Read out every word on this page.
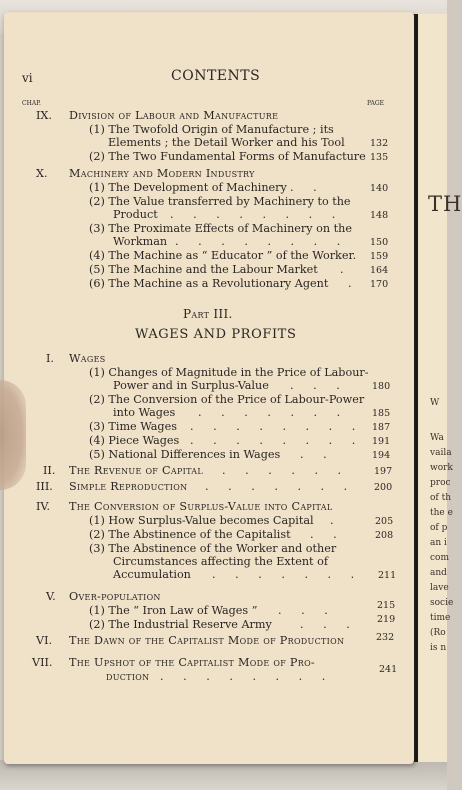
TH
W
Wa
vaila
work
proc
of th
the e
of p
an i
com
and
lave
socie
time
(Ro
is n
vi	CONTENTS
CHAP.	PAGE
IX. Division of Labour and Manufacture
(1) The Twofold Origin of Manufacture ; its
Elements ; the Detail Worker and his Tool	132
(2) The Two Fundamental Forms of Manufacture 135
X. Machinery and Modern Industry
(1) The Development of Machinery . .	140
(2) The Value transferred by Machinery to the
Product . . . . . . . .	148
(3) The Proximate Effects of Machinery on the
Workman . . . . . . . . 150
(4) The Machine as “ Educator ” of the Worker. 159
(5) The Machine and the Labour Market . 164
(6) The Machine as a Revolutionary Agent . 170
Part III.
WAGES AND PROFITS
I. Wages
(1) Changes of Magnitude in the Price of Labour-
Power and in Surplus-Value . . .	180
(2) The Conversion of the Price of Labour-Power
into Wages . . . . . . .	185
(3) Time Wages . . . . . . . . 187
(4) Piece Wages . . . . . . . . 191
(5) National Differences in Wages . .	194
II. The Revenue of Capital . . . . . .	197
III. Simple Reproduction . . . . . . . 200
IV. The Conversion of Surplus-Value into Capital
(1) How Surplus-Value becomes Capital .	205
(2) The Abstinence of the Capitalist . .	208
(3) The Abstinence of the Worker and other
Circumstances affecting the Extent of
Accumulation . . . . . . . 211
V. Over-population
(1) The “ Iron Law of Wages ” . . .	215
(2) The Industrial Reserve Army	. . . 219
VI. The Dawn of the Capitalist Mode of Production	232
VII. The Upshot of the Capitalist Mode of Pro-
duction . . . . . . . .
241
